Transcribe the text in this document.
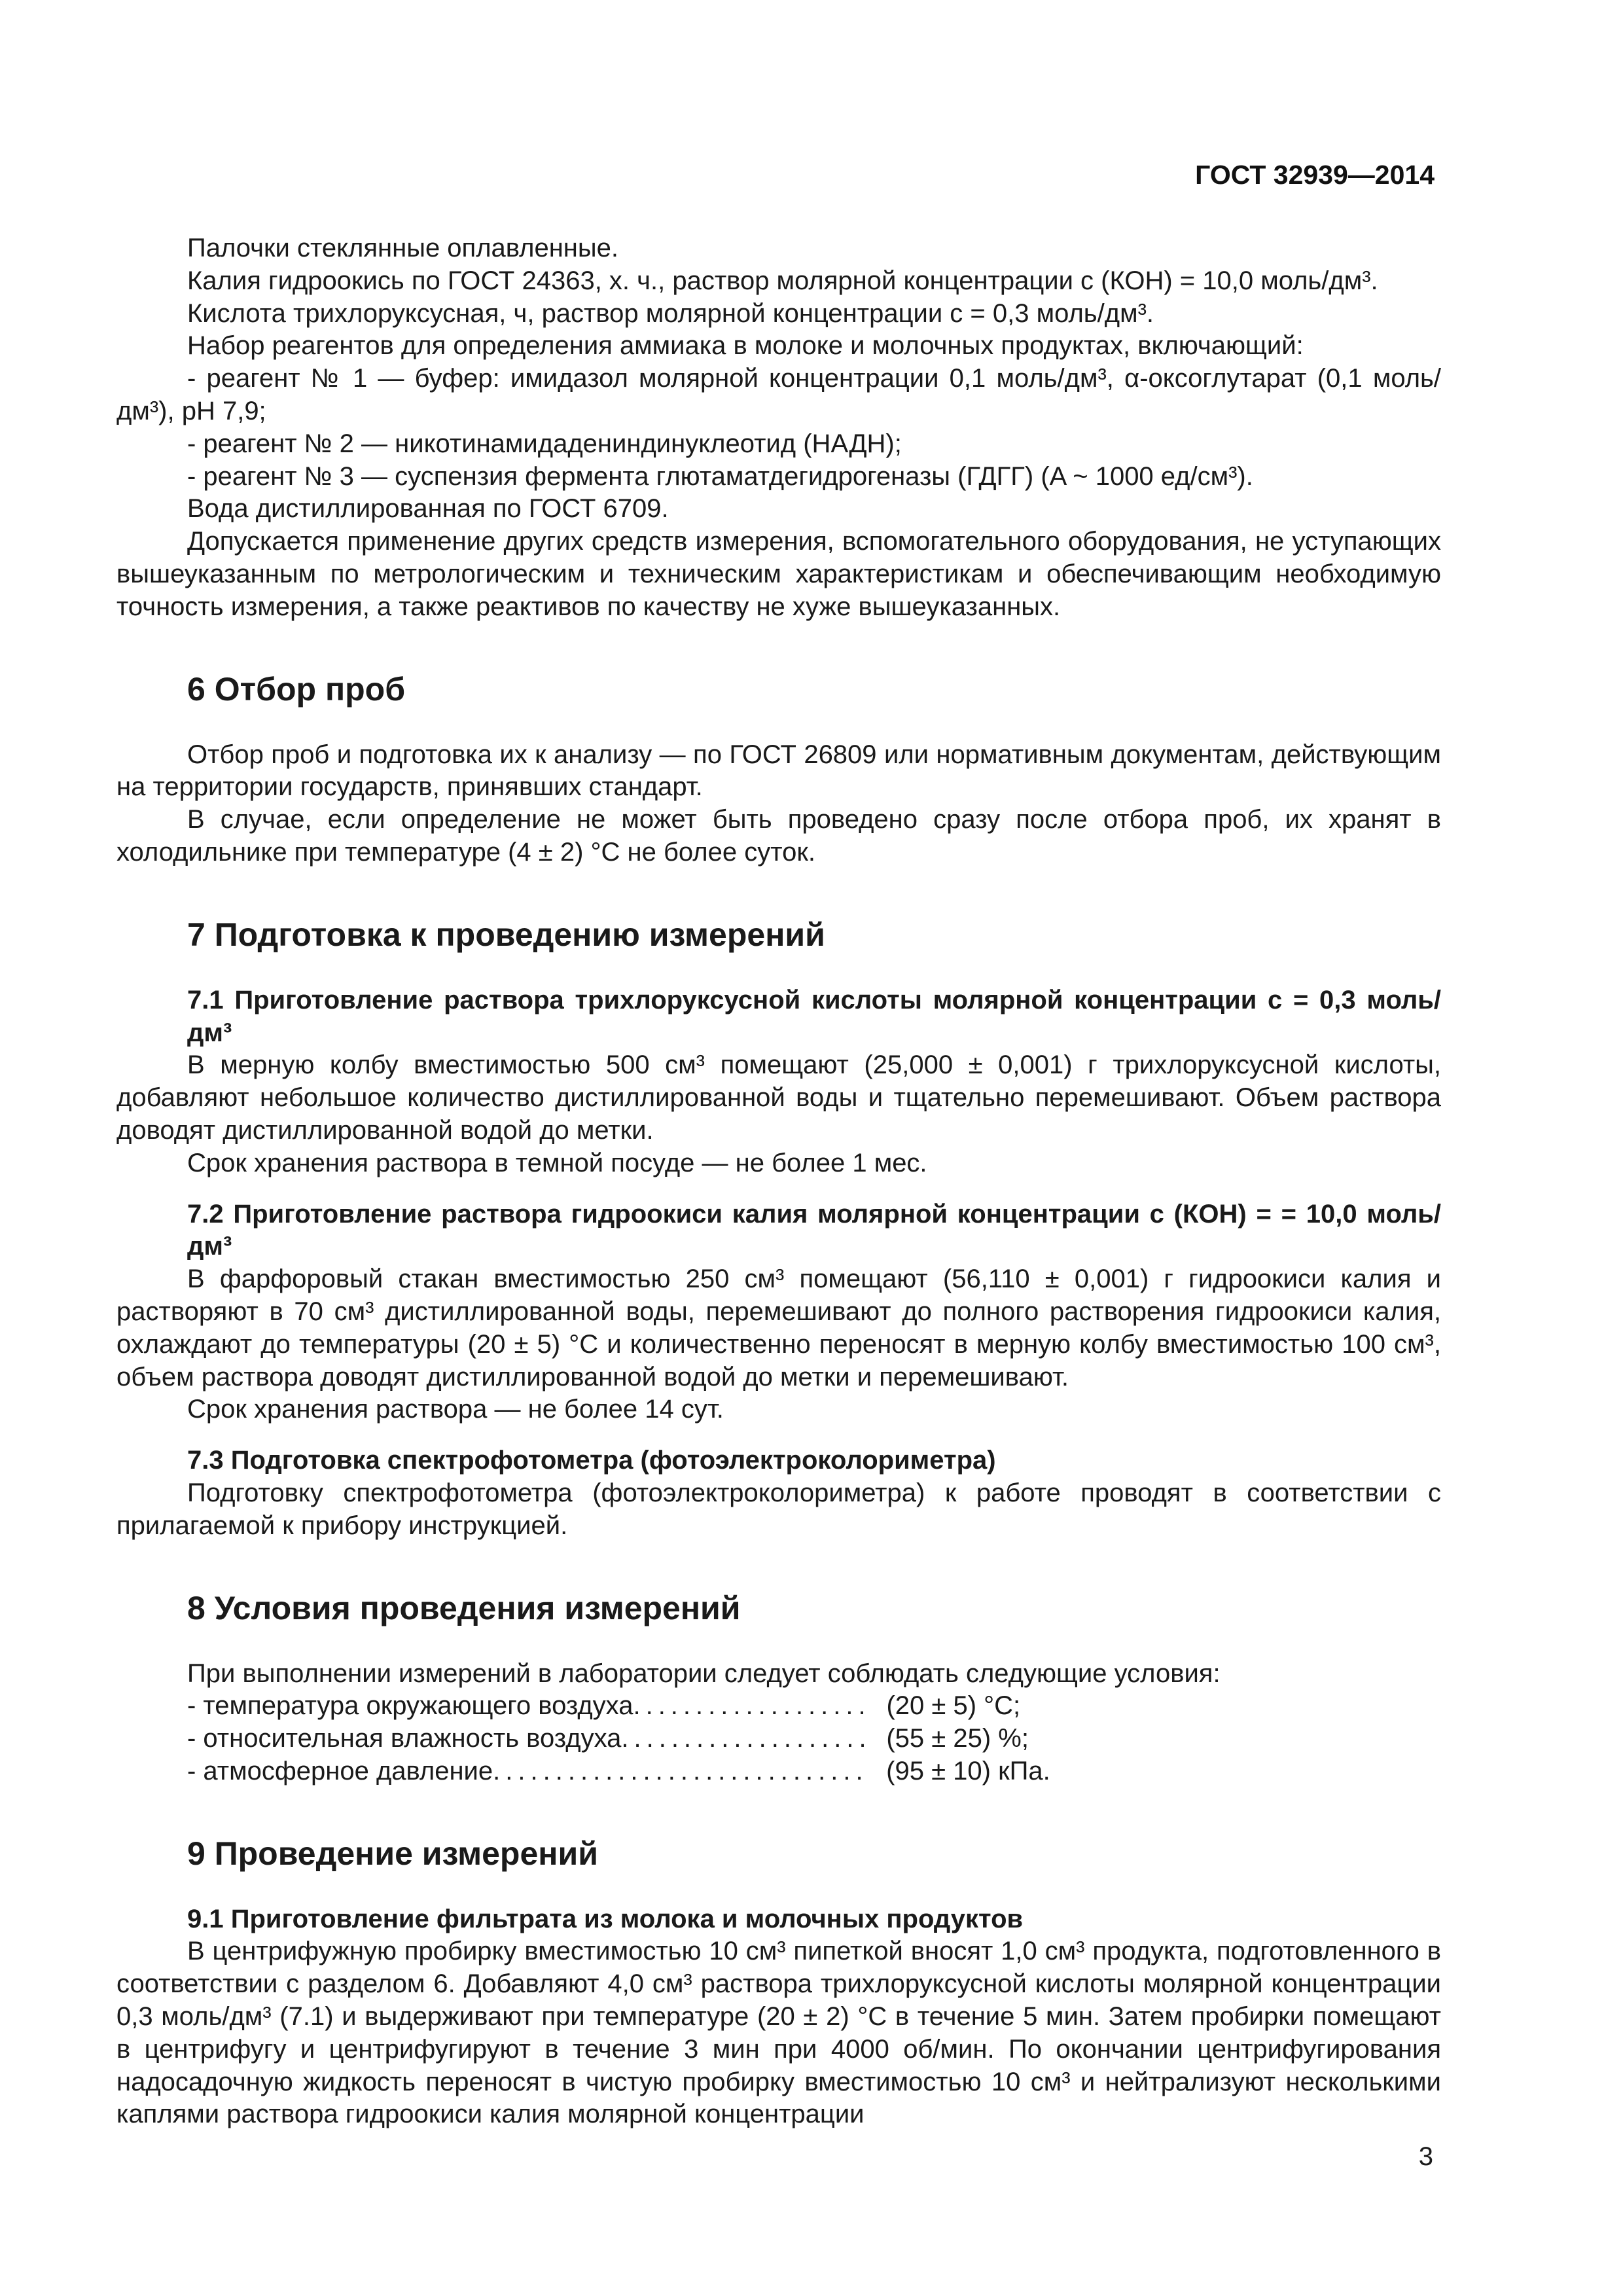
ГОСТ 32939—2014

Палочки стеклянные оплавленные.

Калия гидроокись по ГОСТ 24363, х. ч., раствор молярной концентрации c (КОН) = 10,0 моль/дм³.

Кислота трихлоруксусная, ч, раствор молярной концентрации c = 0,3 моль/дм³.

Набор реагентов для определения аммиака в молоке и молочных продуктах, включающий:

- реагент № 1 — буфер: имидазол молярной концентрации 0,1 моль/дм³, α-оксоглутарат (0,1 моль/дм³), pH 7,9;

- реагент № 2 — никотинамидадениндинуклеотид (НАДН);

- реагент № 3 — суспензия фермента глютаматдегидрогеназы (ГДГГ) (A ~ 1000 ед/см³).

Вода дистиллированная по ГОСТ 6709.

Допускается применение других средств измерения, вспомогательного оборудования, не уступающих вышеуказанным по метрологическим и техническим характеристикам и обеспечивающим необходимую точность измерения, а также реактивов по качеству не хуже вышеуказанных.

6 Отбор проб

Отбор проб и подготовка их к анализу — по ГОСТ 26809 или нормативным документам, действующим на территории государств, принявших стандарт.

В случае, если определение не может быть проведено сразу после отбора проб, их хранят в холодильнике при температуре (4 ± 2) °С не более суток.

7 Подготовка к проведению измерений
7.1 Приготовление раствора трихлоруксусной кислоты молярной концентрации c = 0,3 моль/дм³

В мерную колбу вместимостью 500 см³ помещают (25,000 ± 0,001) г трихлоруксусной кислоты, добавляют небольшое количество дистиллированной воды и тщательно перемешивают. Объем раствора доводят дистиллированной водой до метки.

Срок хранения раствора в темной посуде — не более 1 мес.

7.2 Приготовление раствора гидроокиси калия молярной концентрации c (КОН) = = 10,0 моль/дм³

В фарфоровый стакан вместимостью 250 см³ помещают (56,110 ± 0,001) г гидроокиси калия и растворяют в 70 см³ дистиллированной воды, перемешивают до полного растворения гидроокиси калия, охлаждают до температуры (20 ± 5) °С и количественно переносят в мерную колбу вместимостью 100 см³, объем раствора доводят дистиллированной водой до метки и перемешивают.

Срок хранения раствора — не более 14 сут.

7.3 Подготовка спектрофотометра (фотоэлектроколориметра)

Подготовку спектрофотометра (фотоэлектроколориметра) к работе проводят в соответствии с прилагаемой к прибору инструкцией.

8 Условия проведения измерений

При выполнении измерений в лаборатории следует соблюдать следующие условия:

- температура окружающего воздуха ................... (20 ± 5) °С;
- относительная влажность воздуха .................... (55 ± 25) %;
- атмосферное давление .............................. (95 ± 10) кПа.
9 Проведение измерений
9.1 Приготовление фильтрата из молока и молочных продуктов

В центрифужную пробирку вместимостью 10 см³ пипеткой вносят 1,0 см³ продукта, подготовленного в соответствии с разделом 6. Добавляют 4,0 см³ раствора трихлоруксусной кислоты молярной концентрации 0,3 моль/дм³ (7.1) и выдерживают при температуре (20 ± 2) °С в течение 5 мин. Затем пробирки помещают в центрифугу и центрифугируют в течение 3 мин при 4000 об/мин. По окончании центрифугирования надосадочную жидкость переносят в чистую пробирку вместимостью 10 см³ и нейтрализуют несколькими каплями раствора гидроокиси калия молярной концентрации

3
